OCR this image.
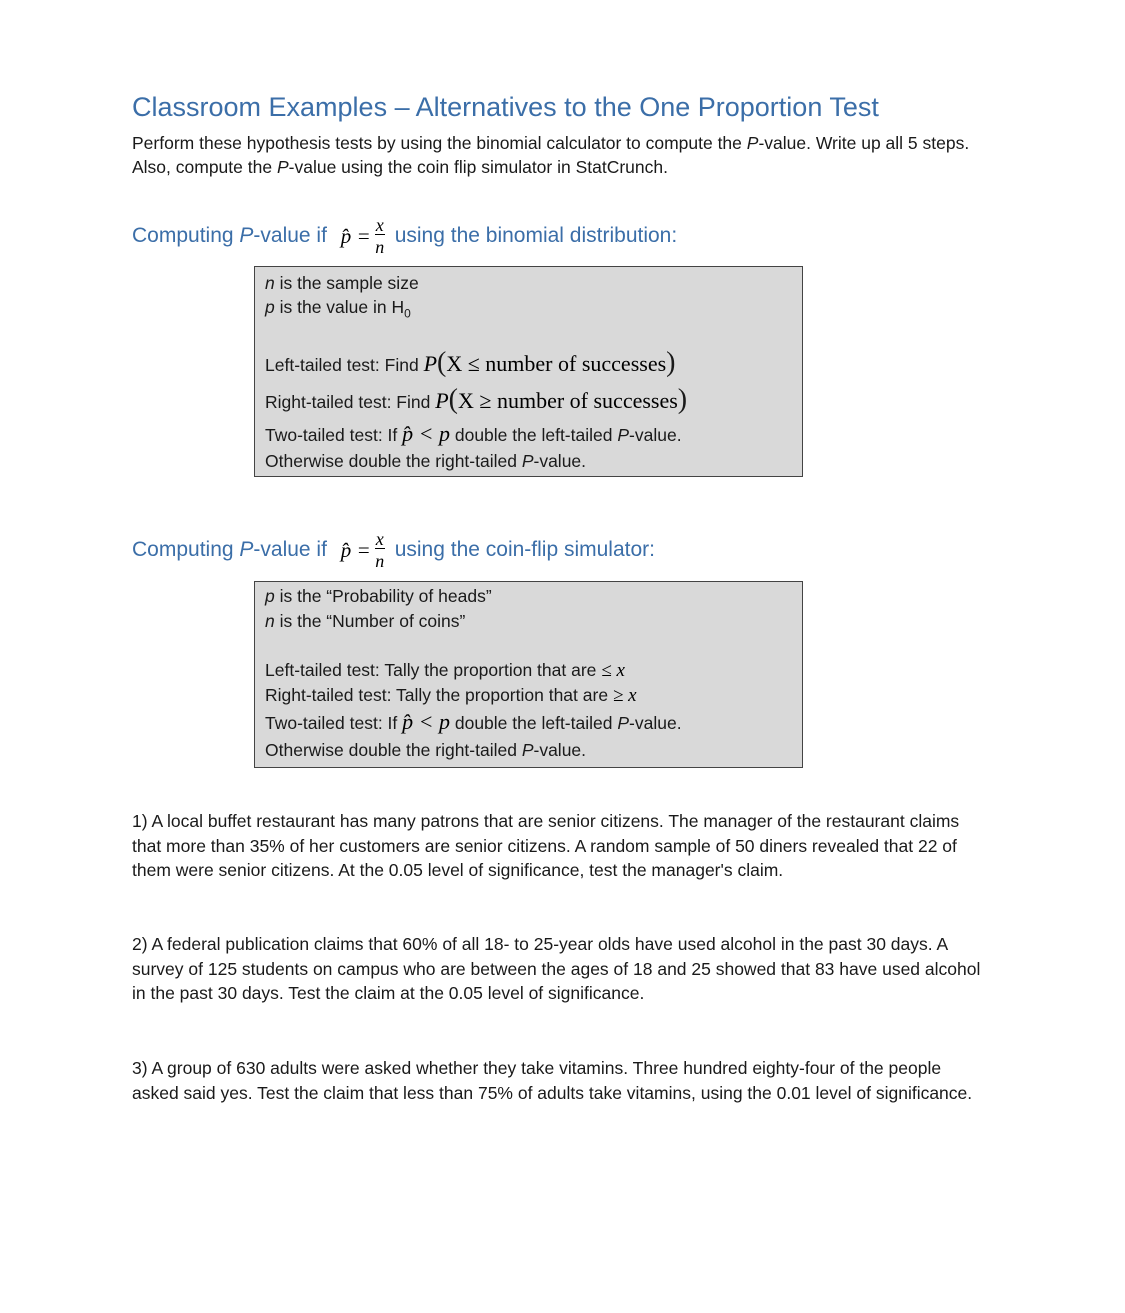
Classroom Examples – Alternatives to the One Proportion Test

Perform these hypothesis tests by using the binomial calculator to compute the P-value. Write up all 5 steps. Also, compute the P-value using the coin flip simulator in StatCrunch.

Computing P -value if p̂ = $\frac{x}{n}$ using the binomial distribution:
n is the sample size
p is the value in $H_0$
Left-tailed test: Find P(X ≤ number of successes)
Right-tailed test: Find P(X ≥ number of successes)
Two-tailed test: If p̂ < p double the left-tailed P-value.
Otherwise double the right-tailed P-value.
Computing P -value if p̂ = $\frac{x}{n}$ using the coin-flip simulator:
p is the “Probability of heads”
n is the “Number of coins”
Left-tailed test: Tally the proportion that are ≤ x
Right-tailed test: Tally the proportion that are ≥ x
Two-tailed test: If p̂ < p double the left-tailed P-value.
Otherwise double the right-tailed P-value.

1) A local buffet restaurant has many patrons that are senior citizens. The manager of the restaurant claims that more than 35% of her customers are senior citizens. A random sample of 50 diners revealed that 22 of them were senior citizens. At the 0.05 level of significance, test the manager's claim.

2) A federal publication claims that 60% of all 18- to 25-year olds have used alcohol in the past 30 days. A survey of 125 students on campus who are between the ages of 18 and 25 showed that 83 have used alcohol in the past 30 days. Test the claim at the 0.05 level of significance.

3) A group of 630 adults were asked whether they take vitamins. Three hundred eighty-four of the people asked said yes. Test the claim that less than 75% of adults take vitamins, using the 0.01 level of significance.
